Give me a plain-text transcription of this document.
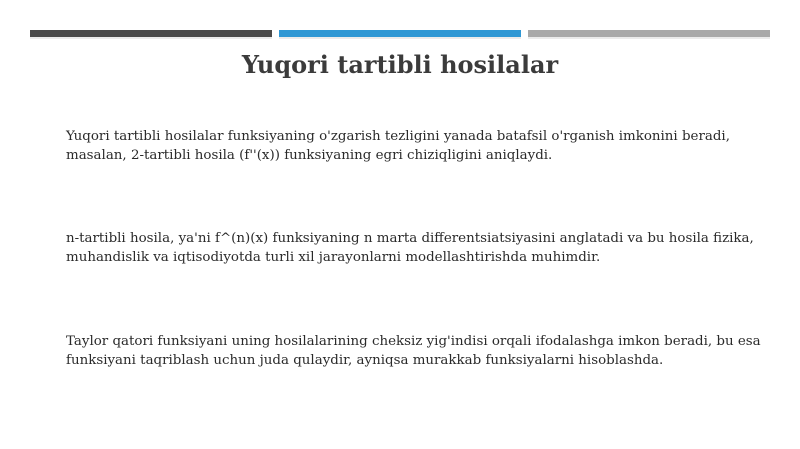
Yuqori tartibli hosilalar

Yuqori tartibli hosilalar funksiyaning o'zgarish tezligini yanada batafsil o'rganish imkonini beradi, masalan, 2-tartibli hosila (f''(x)) funksiyaning egri chiziqligini aniqlaydi.

n-tartibli hosila, ya'ni f^(n)(x) funksiyaning n marta differentsiatsiyasini anglatadi va bu hosila fizika, muhandislik va iqtisodiyotda turli xil jarayonlarni modellashtirishda muhimdir.

Taylor qatori funksiyani uning hosilalarining cheksiz yig'indisi orqali ifodalashga imkon beradi, bu esa funksiyani taqriblash uchun juda qulaydir, ayniqsa murakkab funksiyalarni hisoblashda.
